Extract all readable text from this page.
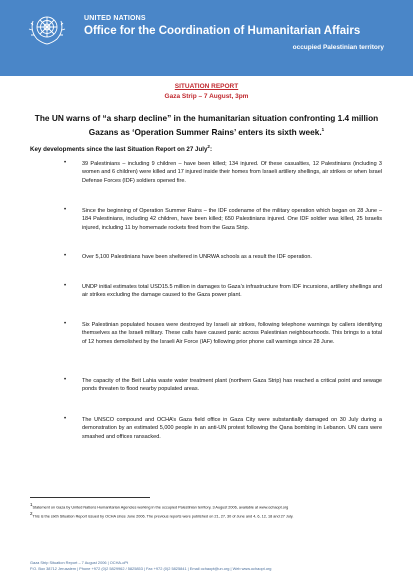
UNITED NATIONS
Office for the Coordination of Humanitarian Affairs
occupied Palestinian territory
SITUATION REPORT
Gaza Strip – 7 August, 3pm
The UN warns of “a sharp decline” in the humanitarian situation confronting 1.4 million Gazans as ‘Operation Summer Rains’ enters its sixth week.$^1$
Key developments since the last Situation Report on 27 July$^2$:
•	39 Palestinians – including 9 children – have been killed; 134 injured. Of these casualties, 12 Palestinians (including 3 women and 6 children) were killed and 17 injured inside their homes from Israeli artillery shellings, air strikes or when Israel Defense Forces (IDF) soldiers opened fire.
•	Since the beginning of Operation Summer Rains – the IDF codename of the military operation which began on 28 June – 184 Palestinians, including 42 children, have been killed; 650 Palestinians injured. One IDF soldier was killed, 25 Israelis injured, including 11 by homemade rockets fired from the Gaza Strip.
•	Over 5,100 Palestinians have been sheltered in UNRWA schools as a result the IDF operation.
•	UNDP initial estimates total USD15.5 million in damages to Gaza’s infrastructure from IDF incursions, artillery shellings and air strikes excluding the damage caused to the Gaza power plant.
•	Six Palestinian populated houses were destroyed by Israeli air strikes, following telephone warnings by callers identifying themselves as the Israeli military. These calls have caused panic across Palestinian neighbourhoods. This brings to a total of 12 homes demolished by the Israeli Air Force (IAF) following prior phone call warnings since 28 June.
•	The capacity of the Beit Lahia waste water treatment plant (northern Gaza Strip) has reached a critical point and sewage ponds threaten to flood nearby populated areas.
•	The UNSCO compound and OCHA’s Gaza field office in Gaza City were substantially damaged on 30 July during a demonstration by an estimated 5,000 people in an anti-UN protest following the Qana bombing in Lebanon. UN cars were smashed and offices ransacked.
$^1$Statement on Gaza by United Nations Humanitarian Agencies working in the occupied Palestinian territory, 3 August 2006, available at www.ochaopt.org
$^2$This is the sixth Situation Report issued by OCHA since June 2006. The previous reports were published on 21, 27, 30 of June and 4, 6, 12, 18 and 27 July.
Gaza Strip Situation Report – 7 August 2006 | OCHA-oPt
P.O. Box 38712 Jerusalem | Phone +972 (0)2 5829962 / 5825853 | Fax +972 (0)2 5825841 | Email ochaopt@un.org | Web www.ochaopt.org
